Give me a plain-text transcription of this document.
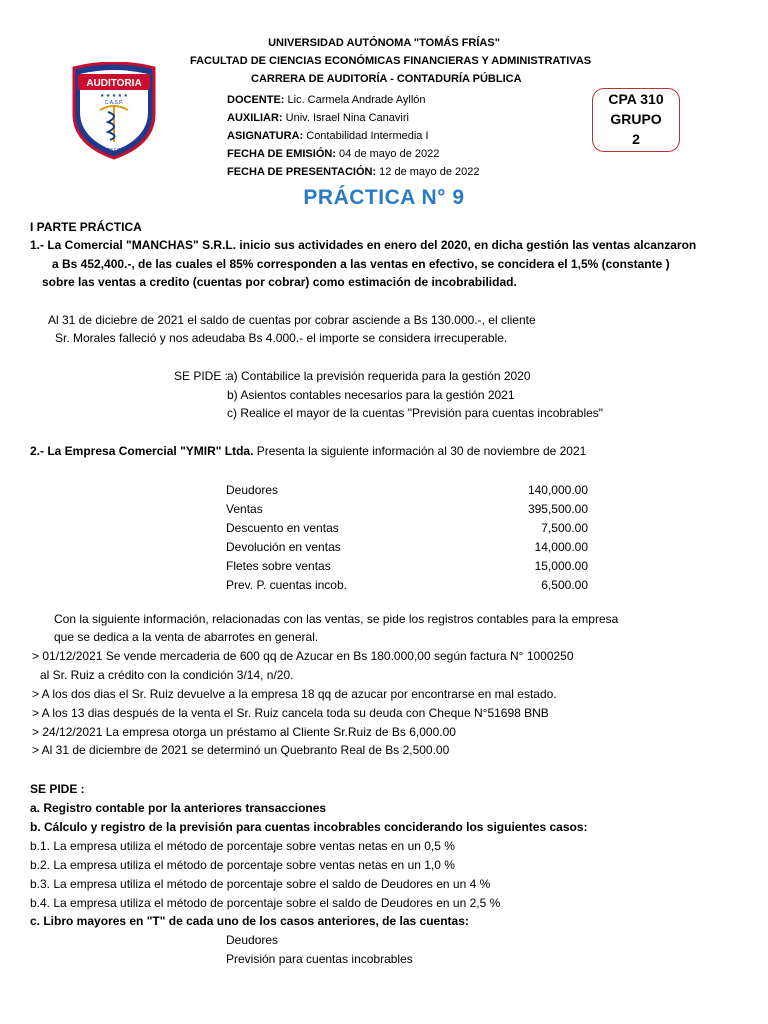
UNIVERSIDAD AUTÓNOMA "TOMÁS FRÍAS"
FACULTAD DE CIENCIAS ECONÓMICAS FINANCIERAS Y ADMINISTRATIVAS
CARRERA DE AUDITORÍA - CONTADURÍA PÚBLICA
AUDITORIA
★ ★ ★ ★ ★
C.A.S.P.
CPSECO
DOCENTE: Lic. Carmela Andrade Ayllón
AUXILIAR: Univ. Israel Nina Canaviri
ASIGNATURA: Contabilidad Intermedia I
FECHA DE EMISIÓN: 04 de mayo de 2022
FECHA DE PRESENTACIÓN: 12 de mayo de 2022
CPA 310
GRUPO
2
PRÁCTICA N° 9
I PARTE PRÁCTICA
1.- La Comercial "MANCHAS" S.R.L. inicio sus actividades en enero del 2020, en dicha gestión las ventas alcanzaron
a Bs 452,400.-, de las cuales el 85% corresponden a las ventas en efectivo, se concidera el 1,5% (constante )
sobre las ventas a credito (cuentas por cobrar) como estimación de incobrabilidad.
Al 31 de diciebre de 2021 el saldo de cuentas por cobrar asciende a Bs 130.000.-, el cliente
Sr. Morales falleció y nos adeudaba Bs 4.000.- el importe se considera irrecuperable.
SE PIDE :
a) Contabilice la previsión requerida para la gestión 2020
b) Asientos contables necesarios para la gestión 2021
c) Realice el mayor de la cuentas "Previsión para cuentas incobrables"
2.- La Empresa Comercial "YMIR" Ltda. Presenta la siguiente información al 30 de noviembre de 2021
Deudores	140,000.00
Ventas	395,500.00
Descuento en ventas	7,500.00
Devolución en ventas	14,000.00
Fletes sobre ventas	15,000.00
Prev. P. cuentas incob.	6,500.00
Con la siguiente información, relacionadas con las ventas, se pide los registros contables para la empresa
que se dedica a la venta de abarrotes en general.
> 01/12/2021 Se vende mercaderia de 600 qq de Azucar en Bs 180.000,00 según factura N° 1000250
al Sr. Ruiz a crédito con la condición 3/14, n/20.
> A los dos dias el Sr. Ruiz devuelve a la empresa 18 qq de azucar por encontrarse en mal estado.
> A los 13 dias después de la venta el Sr. Ruiz cancela toda su deuda con Cheque N°51698 BNB
> 24/12/2021 La empresa otorga un préstamo al Cliente Sr.Ruiz de Bs 6,000.00
> Al 31 de diciembre de 2021 se determinó un Quebranto Real de Bs 2,500.00
SE PIDE :
a. Registro contable por la anteriores transacciones
b. Cálculo y registro de la previsión para cuentas incobrables conciderando los siguientes casos:
b.1. La empresa utiliza el método de porcentaje sobre ventas netas en un 0,5 %
b.2. La empresa utiliza el método de porcentaje sobre ventas netas en un 1,0 %
b.3. La empresa utiliza el método de porcentaje sobre el saldo de Deudores en un 4 %
b.4. La empresa utiliza el método de porcentaje sobre el saldo de Deudores en un 2,5 %
c. Libro mayores en "T" de cada uno de los casos anteriores, de las cuentas:
Deudores
Previsión para cuentas incobrables
